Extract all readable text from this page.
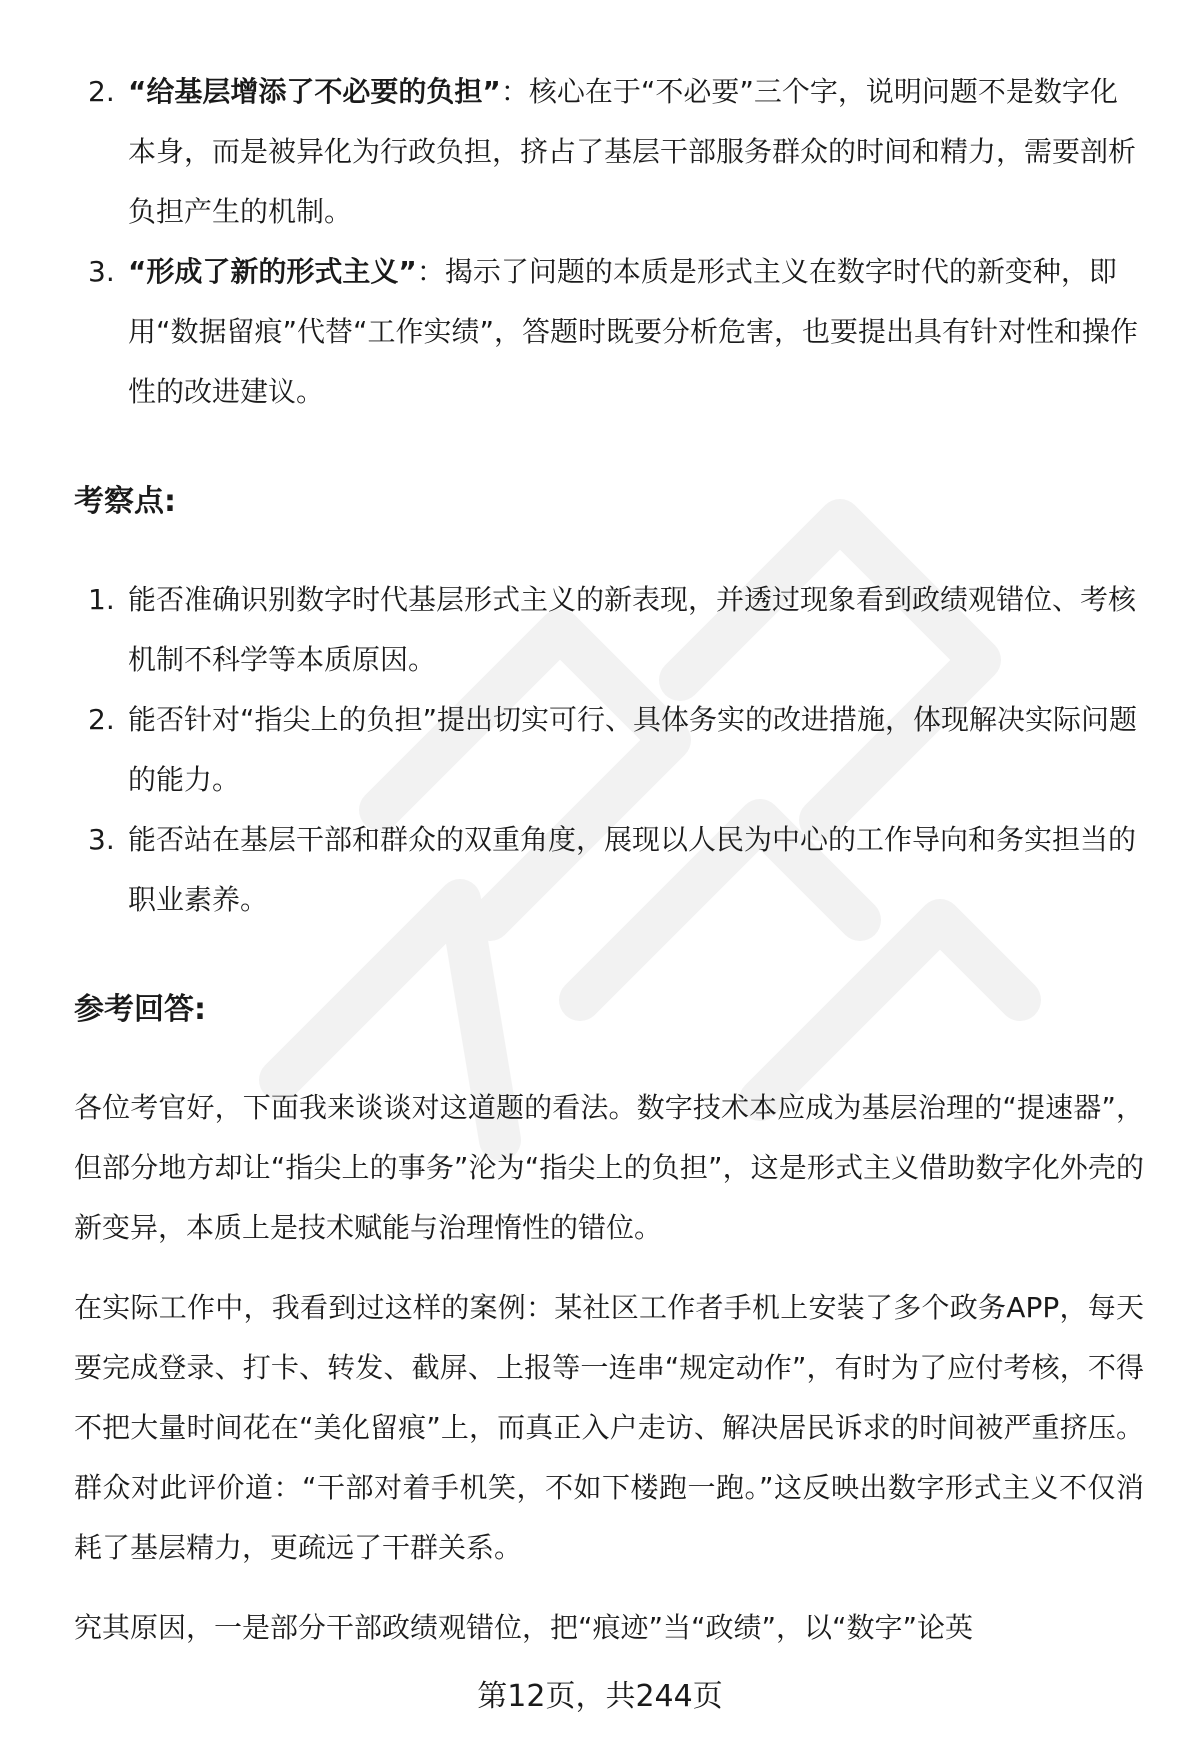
2. “给基层增添了不必要的负担”：核心在于“不必要”三个字，说明问题不是数字化本身，而是被异化为行政负担，挤占了基层干部服务群众的时间和精力，需要剖析负担产生的机制。
3. “形成了新的形式主义”：揭示了问题的本质是形式主义在数字时代的新变种，即用“数据留痕”代替“工作实绩”，答题时既要分析危害，也要提出具有针对性和操作性的改进建议。
考察点:
1. 能否准确识别数字时代基层形式主义的新表现，并透过现象看到政绩观错位、考核机制不科学等本质原因。
2. 能否针对“指尖上的负担”提出切实可行、具体务实的改进措施，体现解决实际问题的能力。
3. 能否站在基层干部和群众的双重角度，展现以人民为中心的工作导向和务实担当的职业素养。
参考回答:

各位考官好，下面我来谈谈对这道题的看法。数字技术本应成为基层治理的“提速器”，但部分地方却让“指尖上的事务”沦为“指尖上的负担”，这是形式主义借助数字化外壳的新变异，本质上是技术赋能与治理惰性的错位。

在实际工作中，我看到过这样的案例：某社区工作者手机上安装了多个政务APP，每天要完成登录、打卡、转发、截屏、上报等一连串“规定动作”，有时为了应付考核，不得不把大量时间花在“美化留痕”上，而真正入户走访、解决居民诉求的时间被严重挤压。群众对此评价道：“干部对着手机笑，不如下楼跑一跑。”这反映出数字形式主义不仅消耗了基层精力，更疏远了干群关系。

究其原因，一是部分干部政绩观错位，把“痕迹”当“政绩”，以“数字”论英

第12页，共244页
